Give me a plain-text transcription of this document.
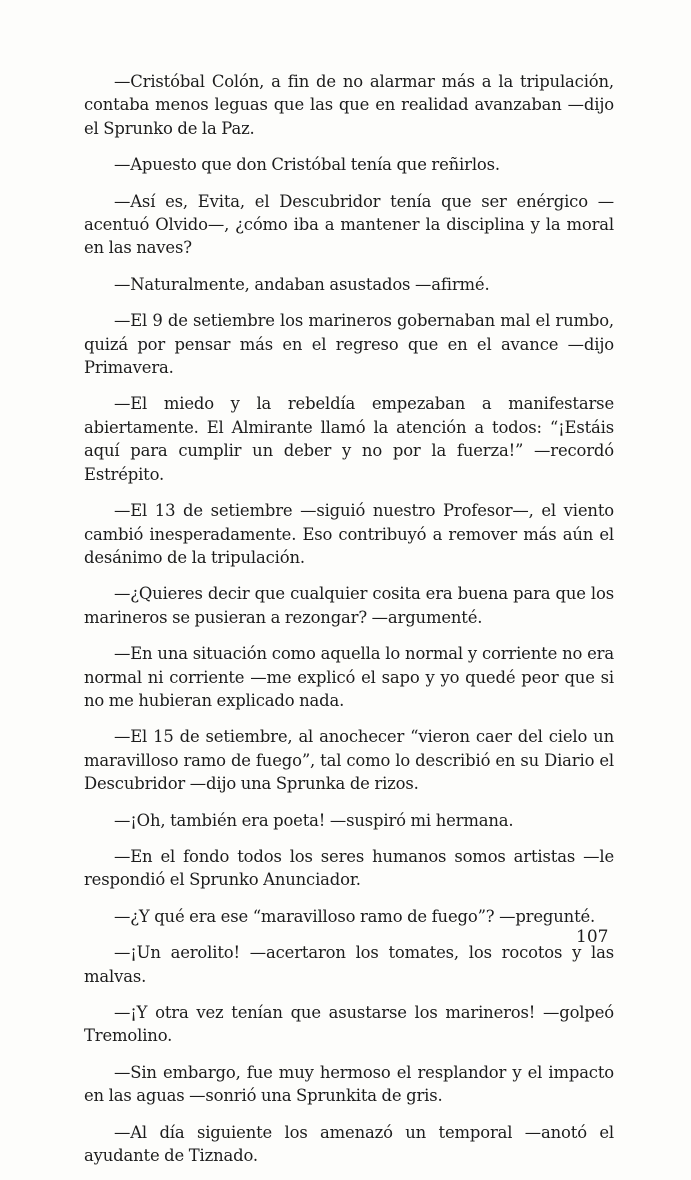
—Cristóbal Colón, a fin de no alarmar más a la tripulación, contaba menos leguas que las que en realidad avanzaban —dijo el Sprunko de la Paz.

—Apuesto que don Cristóbal tenía que reñirlos.

—Así es, Evita, el Descubridor tenía que ser enérgico —acentuó Olvido—, ¿cómo iba a mantener la disciplina y la moral en las naves?

—Naturalmente, andaban asustados —afirmé.

—El 9 de setiembre los marineros gobernaban mal el rumbo, quizá por pensar más en el regreso que en el avance —dijo Primavera.

—El miedo y la rebeldía empezaban a manifestarse abiertamente. El Almirante llamó la atención a todos: “¡Estáis aquí para cumplir un deber y no por la fuerza!” —recordó Estrépito.

—El 13 de setiembre —siguió nuestro Profesor—, el viento cambió inesperadamente. Eso contribuyó a remover más aún el desánimo de la tripulación.

—¿Quieres decir que cualquier cosita era buena para que los marineros se pusieran a rezongar? —argumenté.

—En una situación como aquella lo normal y corriente no era normal ni corriente —me explicó el sapo y yo quedé peor que si no me hubieran explicado nada.

—El 15 de setiembre, al anochecer “vieron caer del cielo un maravilloso ramo de fuego”, tal como lo describió en su Diario el Descubridor —dijo una Sprunka de rizos.

—¡Oh, también era poeta! —suspiró mi hermana.

—En el fondo todos los seres humanos somos artistas —le respondió el Sprunko Anunciador.

—¿Y qué era ese “maravilloso ramo de fuego”? —pregunté.

—¡Un aerolito! —acertaron los tomates, los rocotos y las malvas.

—¡Y otra vez tenían que asustarse los marineros! —golpeó Tremolino.

—Sin embargo, fue muy hermoso el resplandor y el impacto en las aguas —sonrió una Sprunkita de gris.

—Al día siguiente los amenazó un temporal —anotó el ayudante de Tiznado.

107
